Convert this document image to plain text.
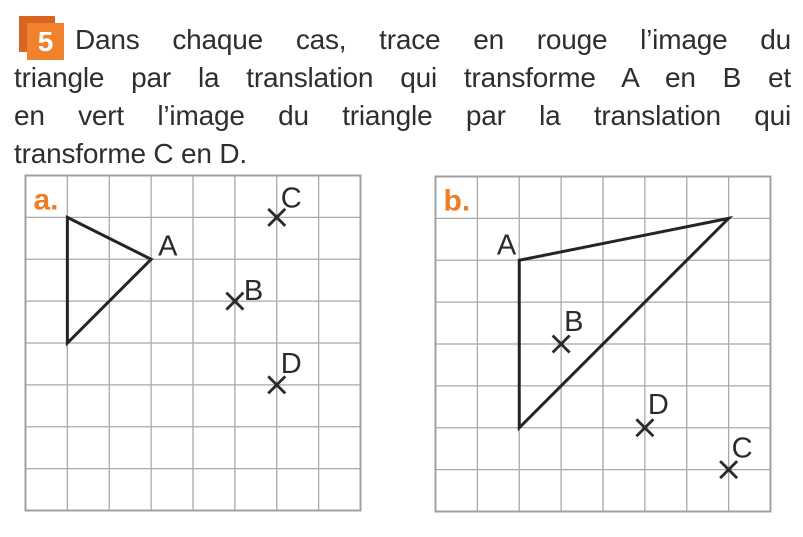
5 Dans chaque cas, trace en rouge l’image du
triangle par la translation qui transforme A en B et
en vert l’image du triangle par la translation qui
transforme C en D.
a.
A
C
B
D
b.
A
B
D
C
